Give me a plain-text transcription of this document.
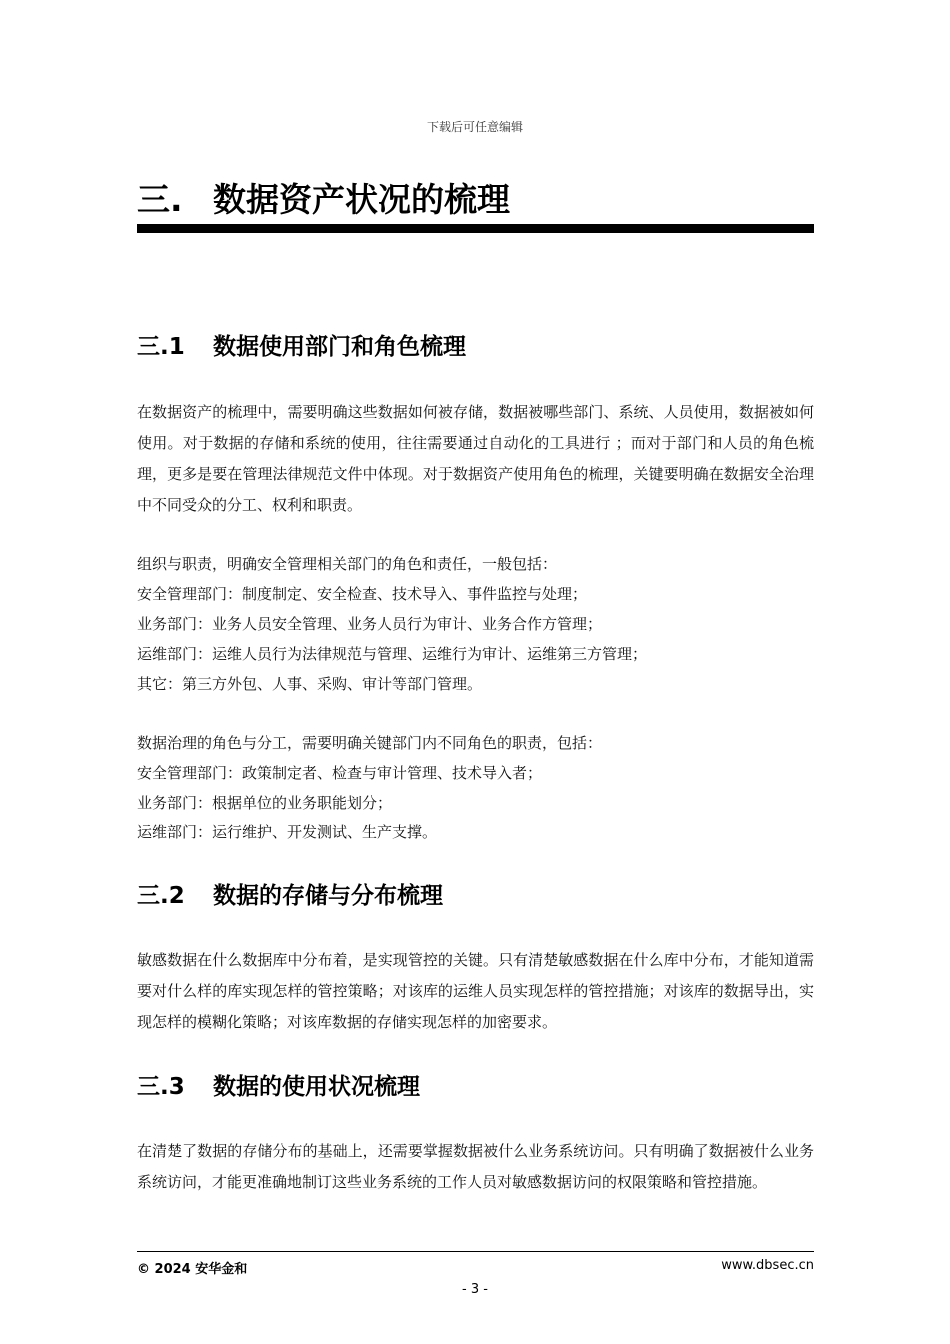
下载后可任意编辑
三. 数据资产状况的梳理
三.1 数据使用部门和角色梳理

在数据资产的梳理中，需要明确这些数据如何被存储，数据被哪些部门、系统、人员使用，数据被如何使用。对于数据的存储和系统的使用，往往需要通过自动化的工具进行 ；而对于部门和人员的角色梳理，更多是要在管理法律规范文件中体现。对于数据资产使用角色的梳理，关键要明确在数据安全治理中不同受众的分工、权利和职责。

组织与职责，明确安全管理相关部门的角色和责任，一般包括：

安全管理部门：制度制定、安全检查、技术导入、事件监控与处理；

业务部门：业务人员安全管理、业务人员行为审计、业务合作方管理；

运维部门：运维人员行为法律规范与管理、运维行为审计、运维第三方管理；

其它：第三方外包、人事、采购、审计等部门管理。

数据治理的角色与分工，需要明确关键部门内不同角色的职责，包括：

安全管理部门：政策制定者、检查与审计管理、技术导入者；

业务部门：根据单位的业务职能划分；

运维部门：运行维护、开发测试、生产支撑。

三.2 数据的存储与分布梳理

敏感数据在什么数据库中分布着，是实现管控的关键。只有清楚敏感数据在什么库中分布，才能知道需要对什么样的库实现怎样的管控策略；对该库的运维人员实现怎样的管控措施；对该库的数据导出，实现怎样的模糊化策略；对该库数据的存储实现怎样的加密要求。

三.3 数据的使用状况梳理

在清楚了数据的存储分布的基础上，还需要掌握数据被什么业务系统访问。只有明确了数据被什么业务系统访问，才能更准确地制订这些业务系统的工作人员对敏感数据访问的权限策略和管控措施。

© 2024 安华金和	www.dbsec.cn
- 3 -
